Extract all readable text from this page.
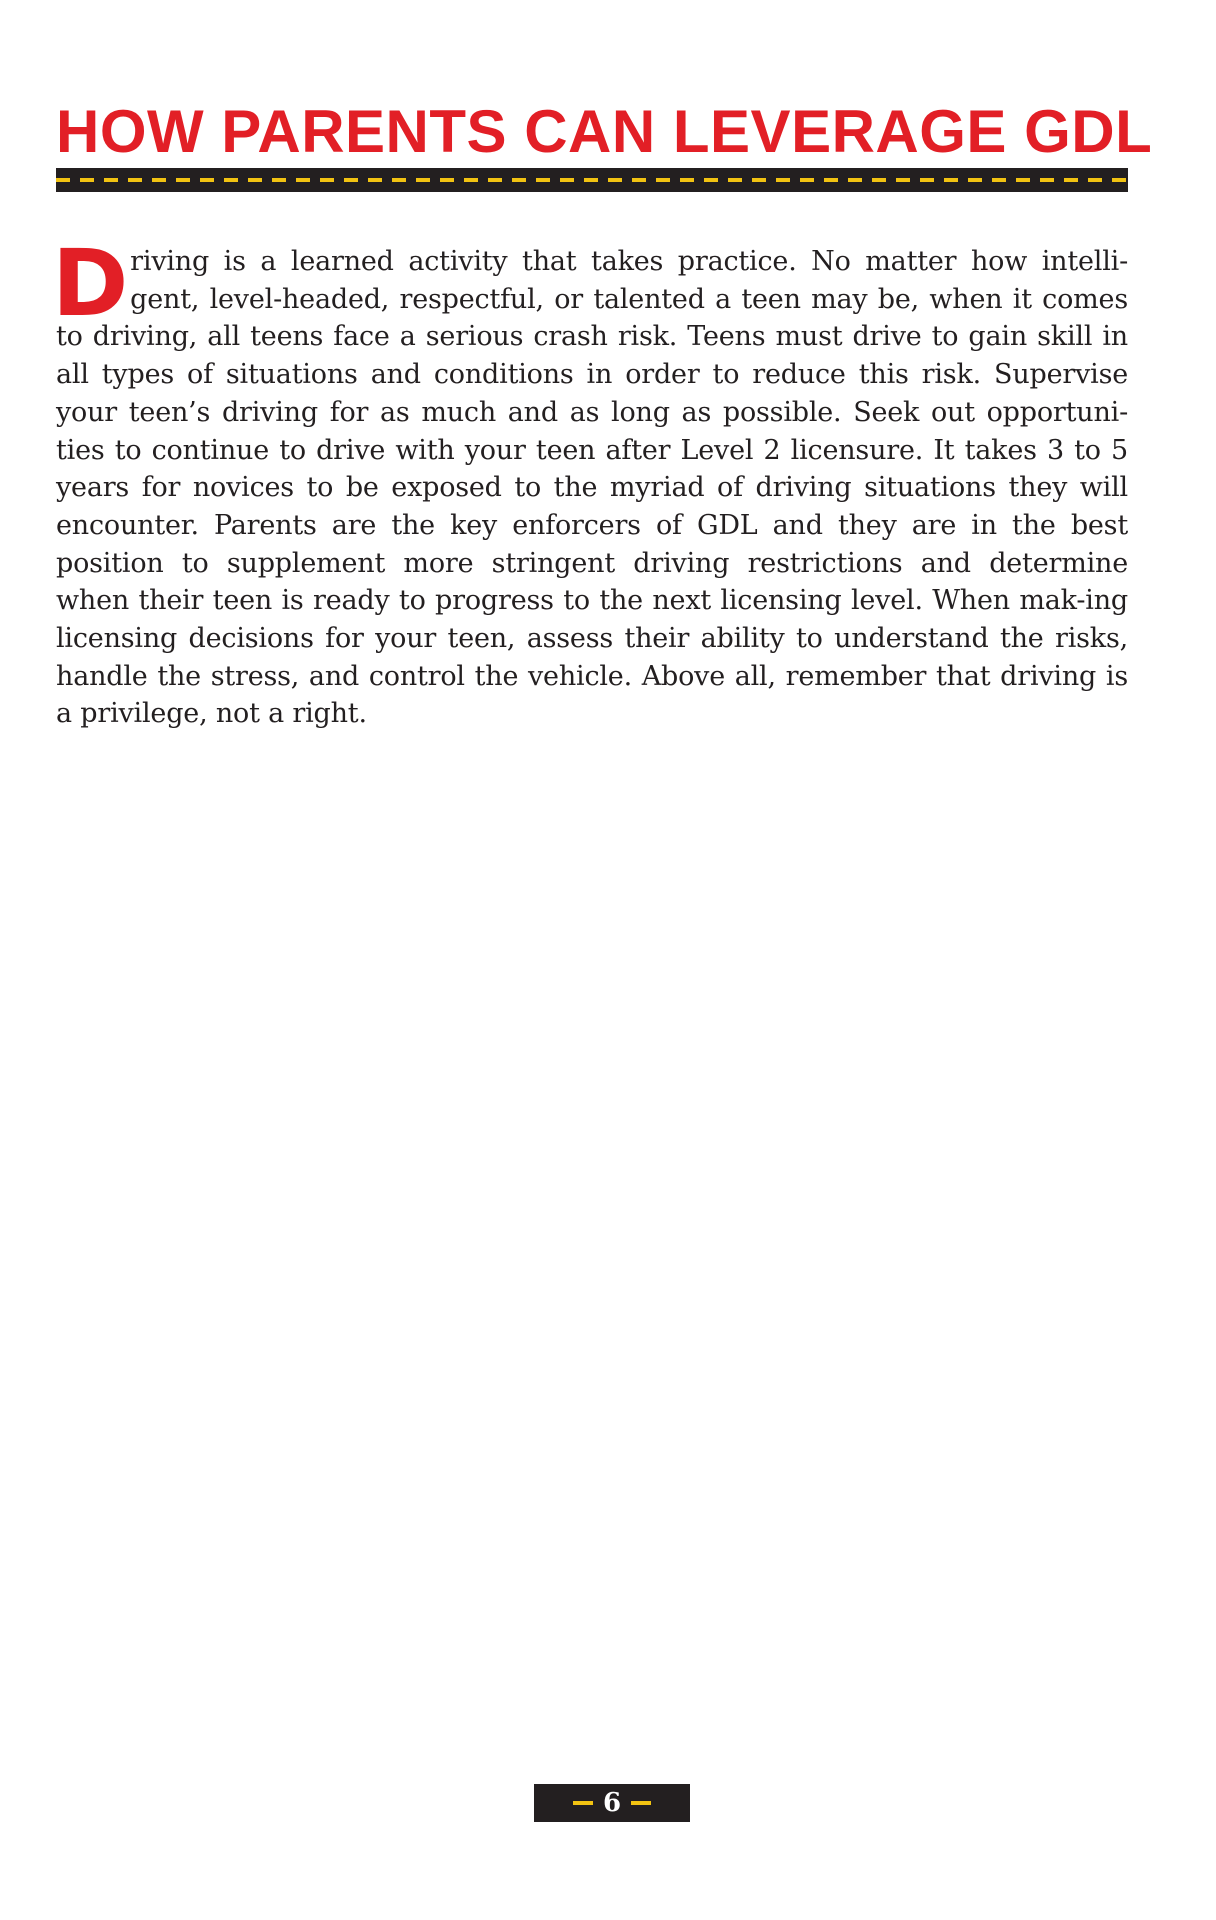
HOW PARENTS CAN LEVERAGE GDL

Driving is a learned activity that takes practice. No matter how intelli-gent, level-headed, respectful, or talented a teen may be, when it comes to driving, all teens face a serious crash risk. Teens must drive to gain skill in all types of situations and conditions in order to reduce this risk. Supervise your teen’s driving for as much and as long as possible. Seek out opportuni-ties to continue to drive with your teen after Level 2 licensure. It takes 3 to 5 years for novices to be exposed to the myriad of driving situations they will encounter. Parents are the key enforcers of GDL and they are in the best position to supplement more stringent driving restrictions and determine when their teen is ready to progress to the next licensing level. When mak-ing licensing decisions for your teen, assess their ability to understand the risks, handle the stress, and control the vehicle. Above all, remember that driving is a privilege, not a right.

6
